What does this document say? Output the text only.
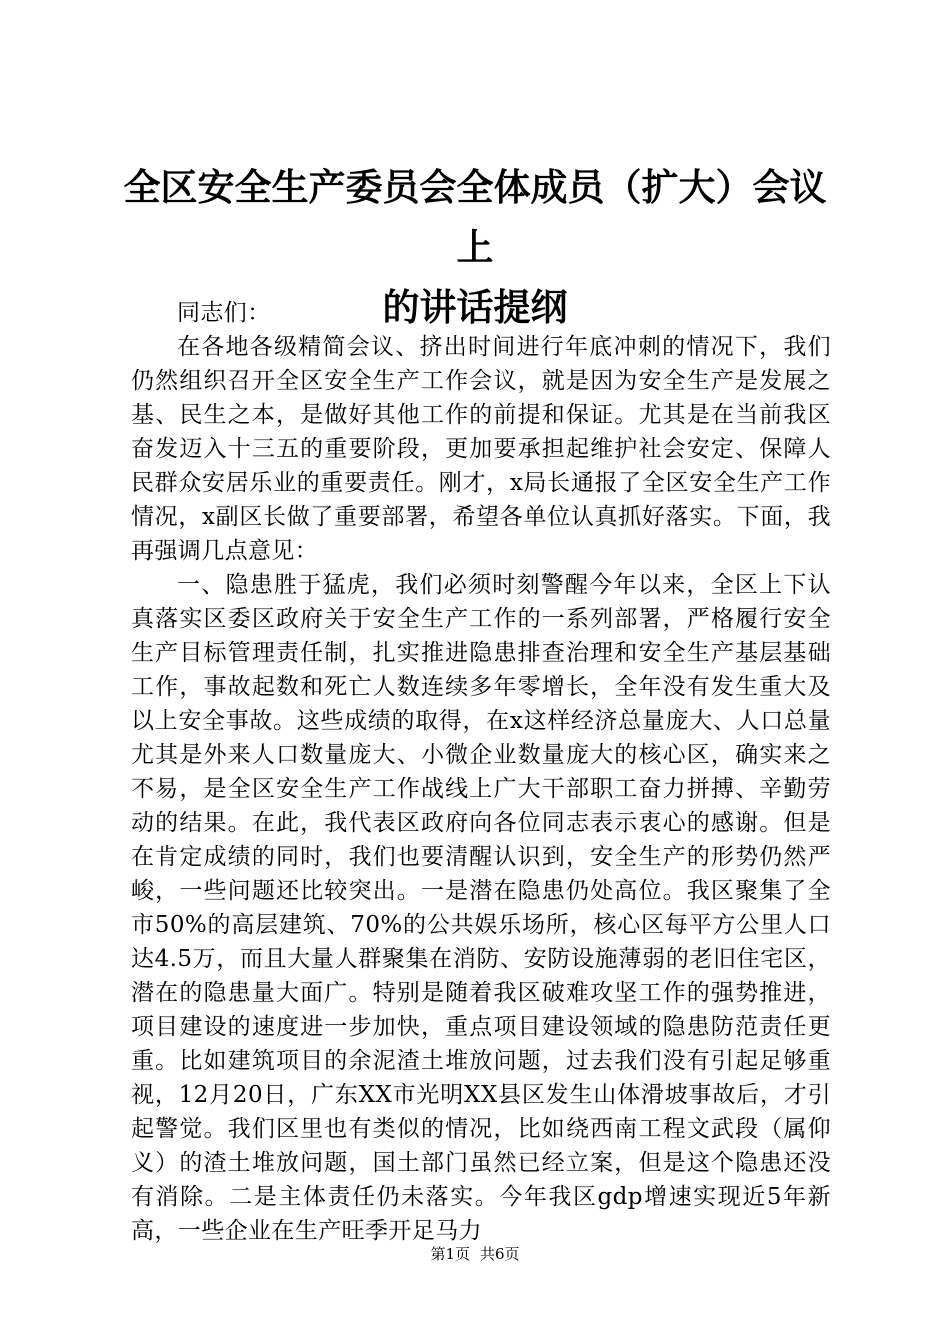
全区安全生产委员会全体成员（扩大）会议上
的讲话提纲

同志们：

在各地各级精简会议、挤出时间进行年底冲刺的情况下，我们仍然组织召开全区安全生产工作会议，就是因为安全生产是发展之基、民生之本，是做好其他工作的前提和保证。尤其是在当前我区奋发迈入十三五的重要阶段，更加要承担起维护社会安定、保障人民群众安居乐业的重要责任。刚才，x局长通报了全区安全生产工作情况，x副区长做了重要部署，希望各单位认真抓好落实。下面，我再强调几点意见：

一、隐患胜于猛虎，我们必须时刻警醒今年以来，全区上下认真落实区委区政府关于安全生产工作的一系列部署，严格履行安全生产目标管理责任制，扎实推进隐患排查治理和安全生产基层基础工作，事故起数和死亡人数连续多年零增长，全年没有发生重大及以上安全事故。这些成绩的取得，在x这样经济总量庞大、人口总量尤其是外来人口数量庞大、小微企业数量庞大的核心区，确实来之不易，是全区安全生产工作战线上广大干部职工奋力拼搏、辛勤劳动的结果。在此，我代表区政府向各位同志表示衷心的感谢。但是在肯定成绩的同时，我们也要清醒认识到，安全生产的形势仍然严峻，一些问题还比较突出。一是潜在隐患仍处高位。我区聚集了全市50%的高层建筑、70%的公共娱乐场所，核心区每平方公里人口达4.5万，而且大量人群聚集在消防、安防设施薄弱的老旧住宅区，潜在的隐患量大面广。特别是随着我区破难攻坚工作的强势推进，项目建设的速度进一步加快，重点项目建设领域的隐患防范责任更重。比如建筑项目的余泥渣土堆放问题，过去我们没有引起足够重视，12月20日，广东XX市光明XX县区发生山体滑坡事故后，才引起警觉。我们区里也有类似的情况，比如绕西南工程文武段（属仰义）的渣土堆放问题，国土部门虽然已经立案，但是这个隐患还没有消除。二是主体责任仍未落实。今年我区gdp增速实现近5年新高，一些企业在生产旺季开足马力

第1页 共6页
